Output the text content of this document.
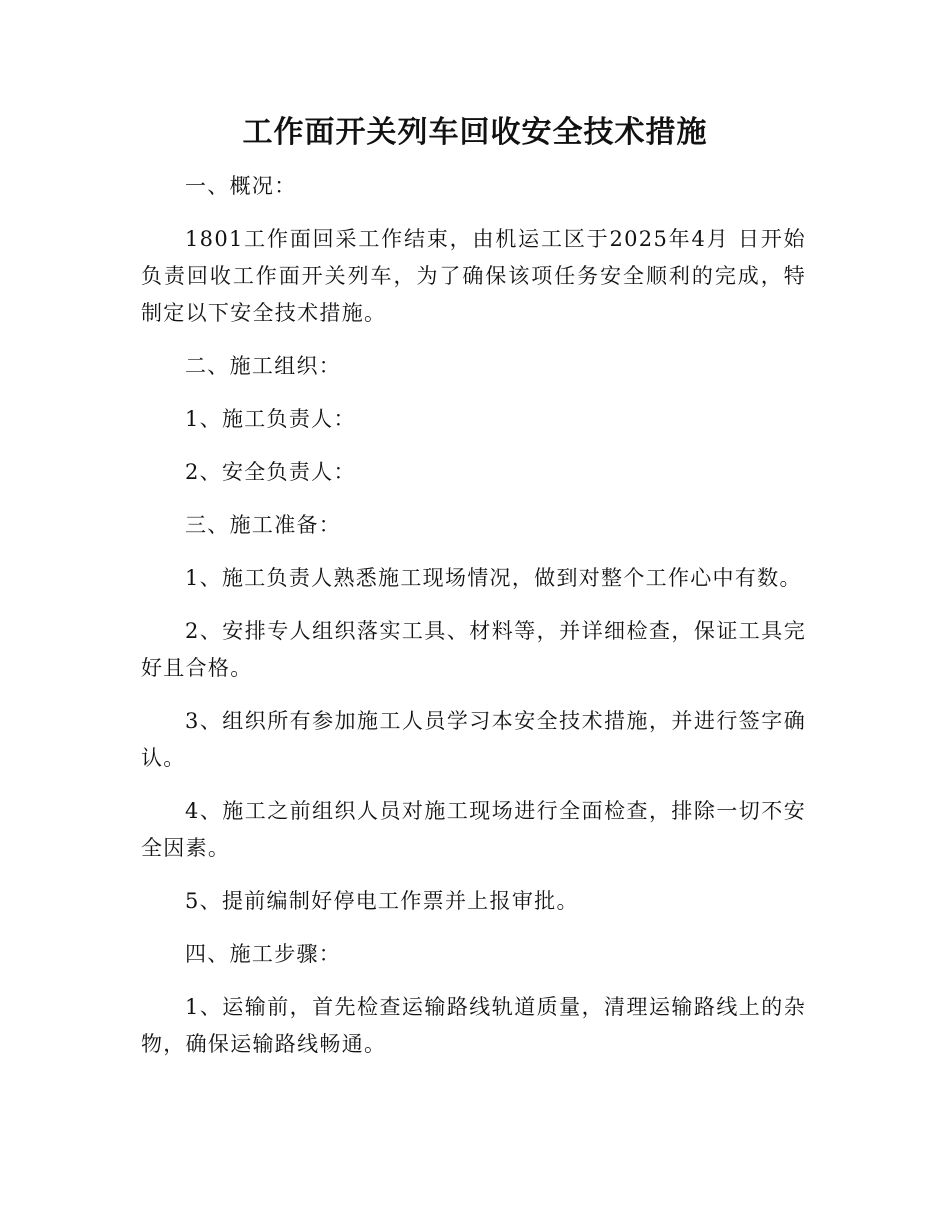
工作面开关列车回收安全技术措施

一、概况：

1801工作面回采工作结束，由机运工区于2025年4月 日开始负责回收工作面开关列车，为了确保该项任务安全顺利的完成，特制定以下安全技术措施。

二、施工组织：

1、施工负责人：

2、安全负责人：

三、施工准备：

1、施工负责人熟悉施工现场情况，做到对整个工作心中有数。

2、安排专人组织落实工具、材料等，并详细检查，保证工具完好且合格。

3、组织所有参加施工人员学习本安全技术措施，并进行签字确认。

4、施工之前组织人员对施工现场进行全面检查，排除一切不安全因素。

5、提前编制好停电工作票并上报审批。

四、施工步骤：

1、运输前，首先检查运输路线轨道质量，清理运输路线上的杂物，确保运输路线畅通。
